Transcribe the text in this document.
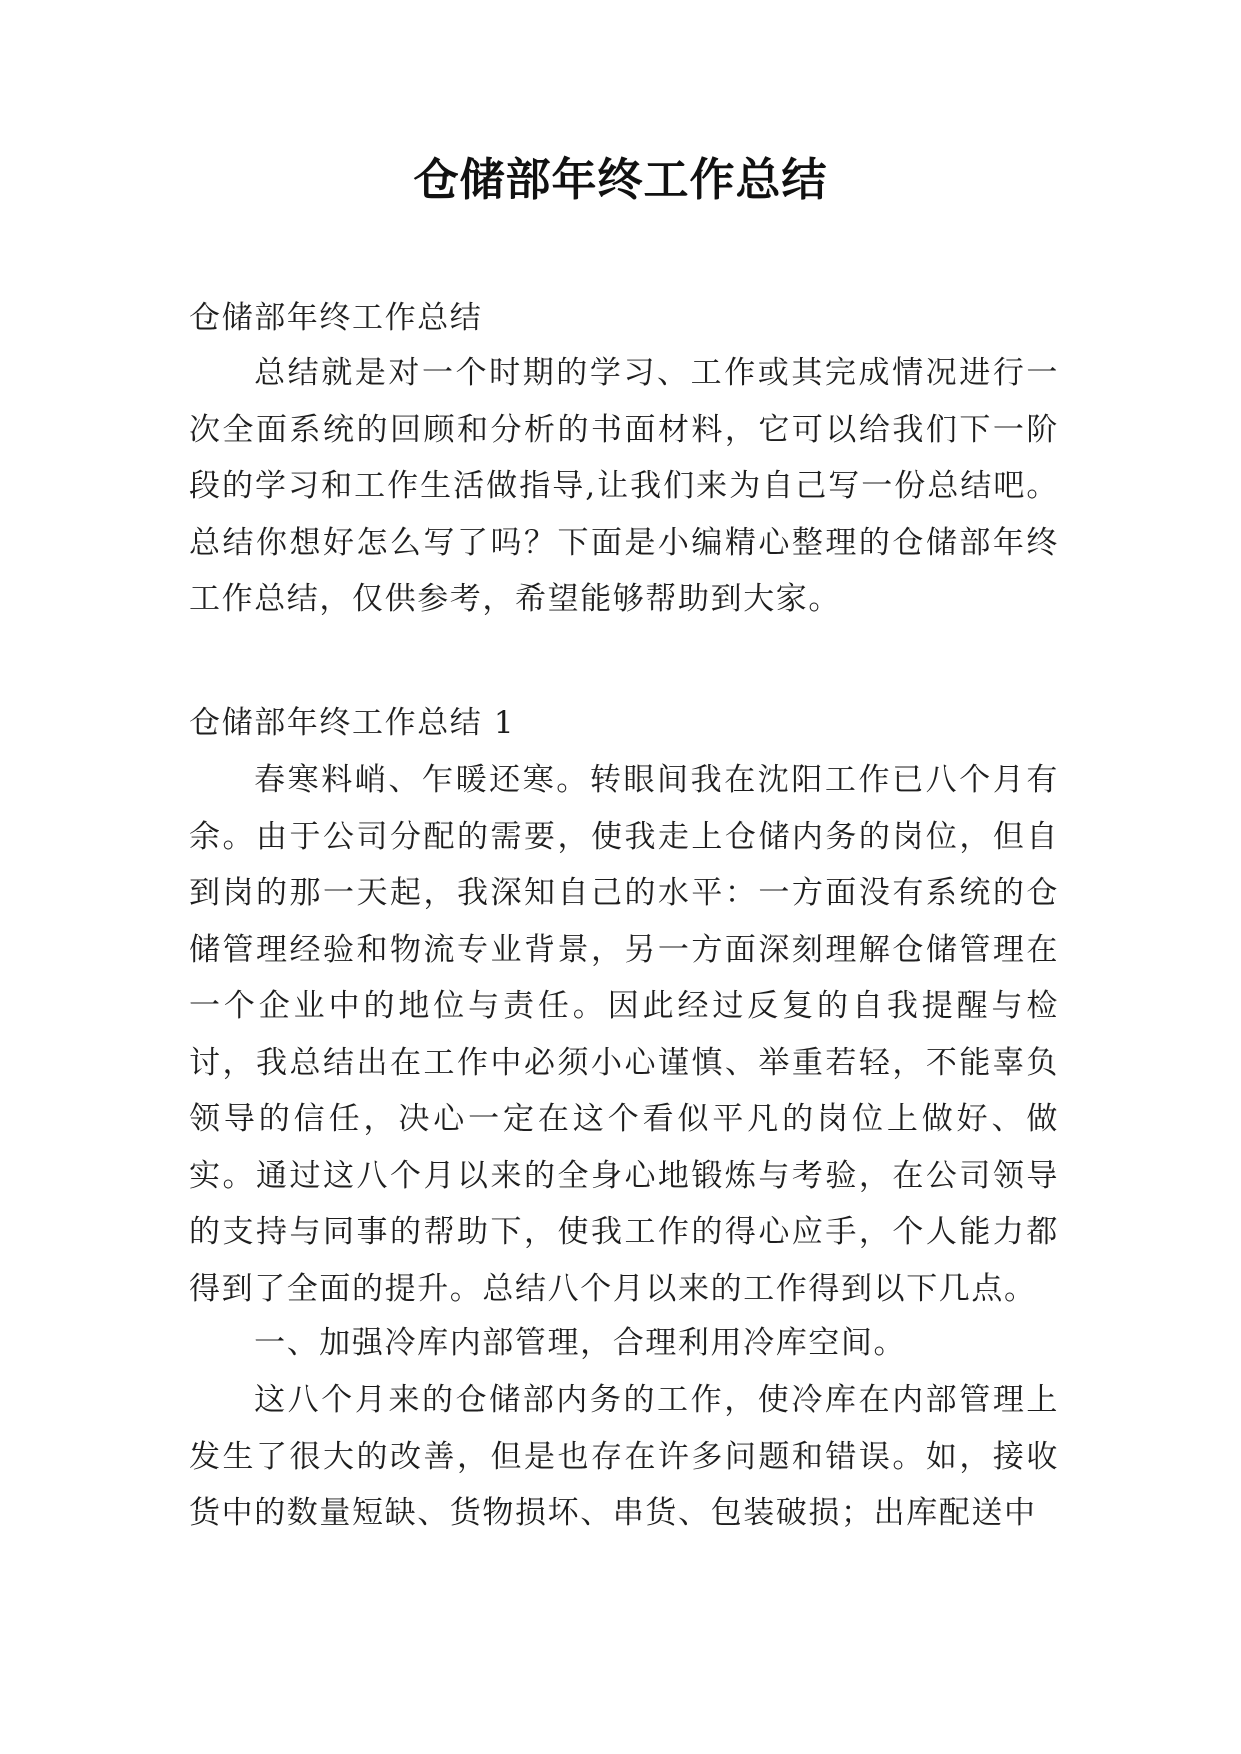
仓储部年终工作总结

仓储部年终工作总结

总结就是对一个时期的学习、工作或其完成情况进行一次全面系统的回顾和分析的书面材料，它可以给我们下一阶段的学习和工作生活做指导,让我们来为自己写一份总结吧。总结你想好怎么写了吗？下面是小编精心整理的仓储部年终工作总结，仅供参考，希望能够帮助到大家。

仓储部年终工作总结 1

春寒料峭、乍暖还寒。转眼间我在沈阳工作已八个月有余。由于公司分配的需要，使我走上仓储内务的岗位，但自到岗的那一天起，我深知自己的水平：一方面没有系统的仓储管理经验和物流专业背景，另一方面深刻理解仓储管理在一个企业中的地位与责任。因此经过反复的自我提醒与检讨，我总结出在工作中必须小心谨慎、举重若轻，不能辜负领导的信任，决心一定在这个看似平凡的岗位上做好、做实。通过这八个月以来的全身心地锻炼与考验，在公司领导的支持与同事的帮助下，使我工作的得心应手，个人能力都得到了全面的提升。总结八个月以来的工作得到以下几点。

一、加强冷库内部管理，合理利用冷库空间。

这八个月来的仓储部内务的工作，使冷库在内部管理上发生了很大的改善，但是也存在许多问题和错误。如，接收货中的数量短缺、货物损坏、串货、包装破损；出库配送中
